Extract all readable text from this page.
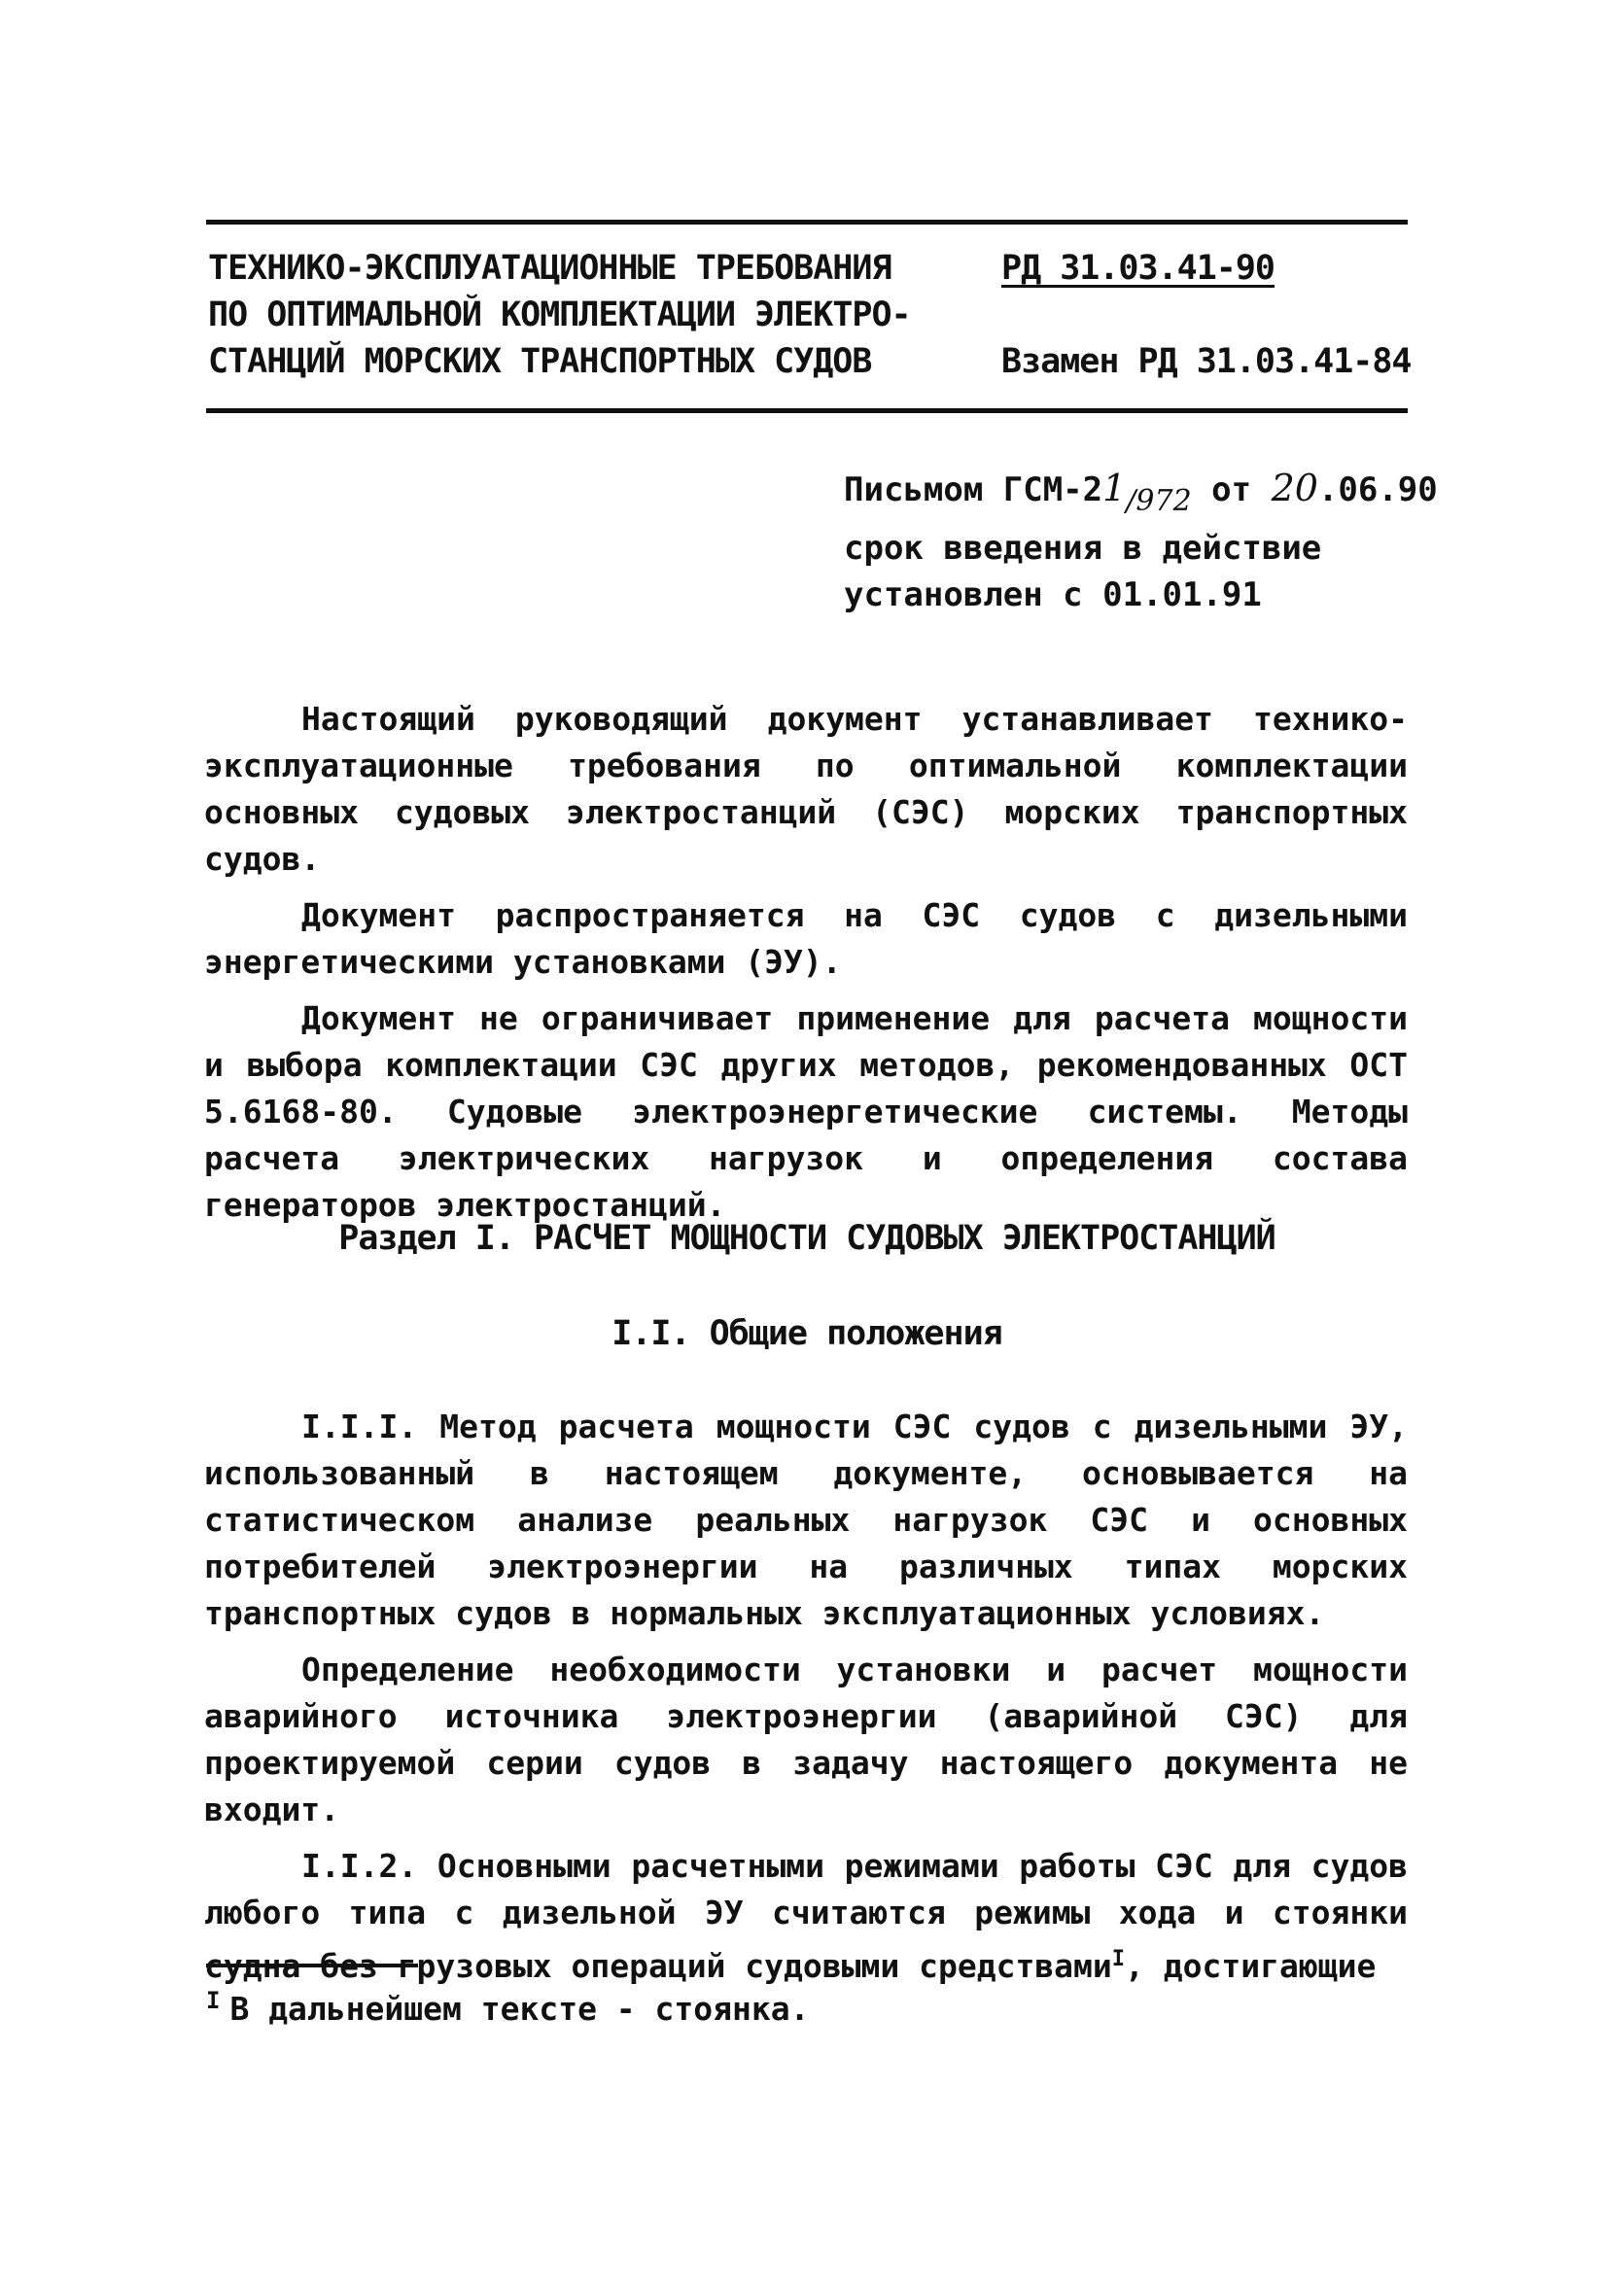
ТЕХНИКО-ЭКСПЛУАТАЦИОННЫЕ ТРЕБОВАНИЯ
ПО ОПТИМАЛЬНОЙ КОМПЛЕКТАЦИИ ЭЛЕКТРО-
СТАНЦИЙ МОРСКИХ ТРАНСПОРТНЫХ СУДОВ
РД 31.03.41-90
Взамен РД 31.03.41-84
Письмом ГСМ-21/972 от 20.06.90
срок введения в действие
установлен с 01.01.91

Настоящий руководящий документ устанавливает технико-эксплуатационные требования по оптимальной комплектации основных судовых электростанций (СЭС) морских транспортных судов.

Документ распространяется на СЭС судов с дизельными энергетическими установками (ЭУ).

Документ не ограничивает применение для расчета мощности и выбора комплектации СЭС других методов, рекомендованных ОСТ 5.6168-80. Судовые электроэнергетические системы. Методы расчета электрических нагрузок и определения состава генераторов электростанций.

Раздел I. РАСЧЕТ МОЩНОСТИ СУДОВЫХ ЭЛЕКТРОСТАНЦИЙ
I.I. Общие положения

I.I.I. Метод расчета мощности СЭС судов с дизельными ЭУ, использованный в настоящем документе, основывается на статистическом анализе реальных нагрузок СЭС и основных потребителей электроэнергии на различных типах морских транспортных судов в нормальных эксплуатационных условиях.

Определение необходимости установки и расчет мощности аварийного источника электроэнергии (аварийной СЭС) для проектируемой серии судов в задачу настоящего документа не входит.

I.I.2. Основными расчетными режимами работы СЭС для судов любого типа с дизельной ЭУ считаются режимы хода и стоянки судна без грузовых операций судовыми средствами$^I$, достигающие

$^I$ В дальнейшем тексте - стоянка.
